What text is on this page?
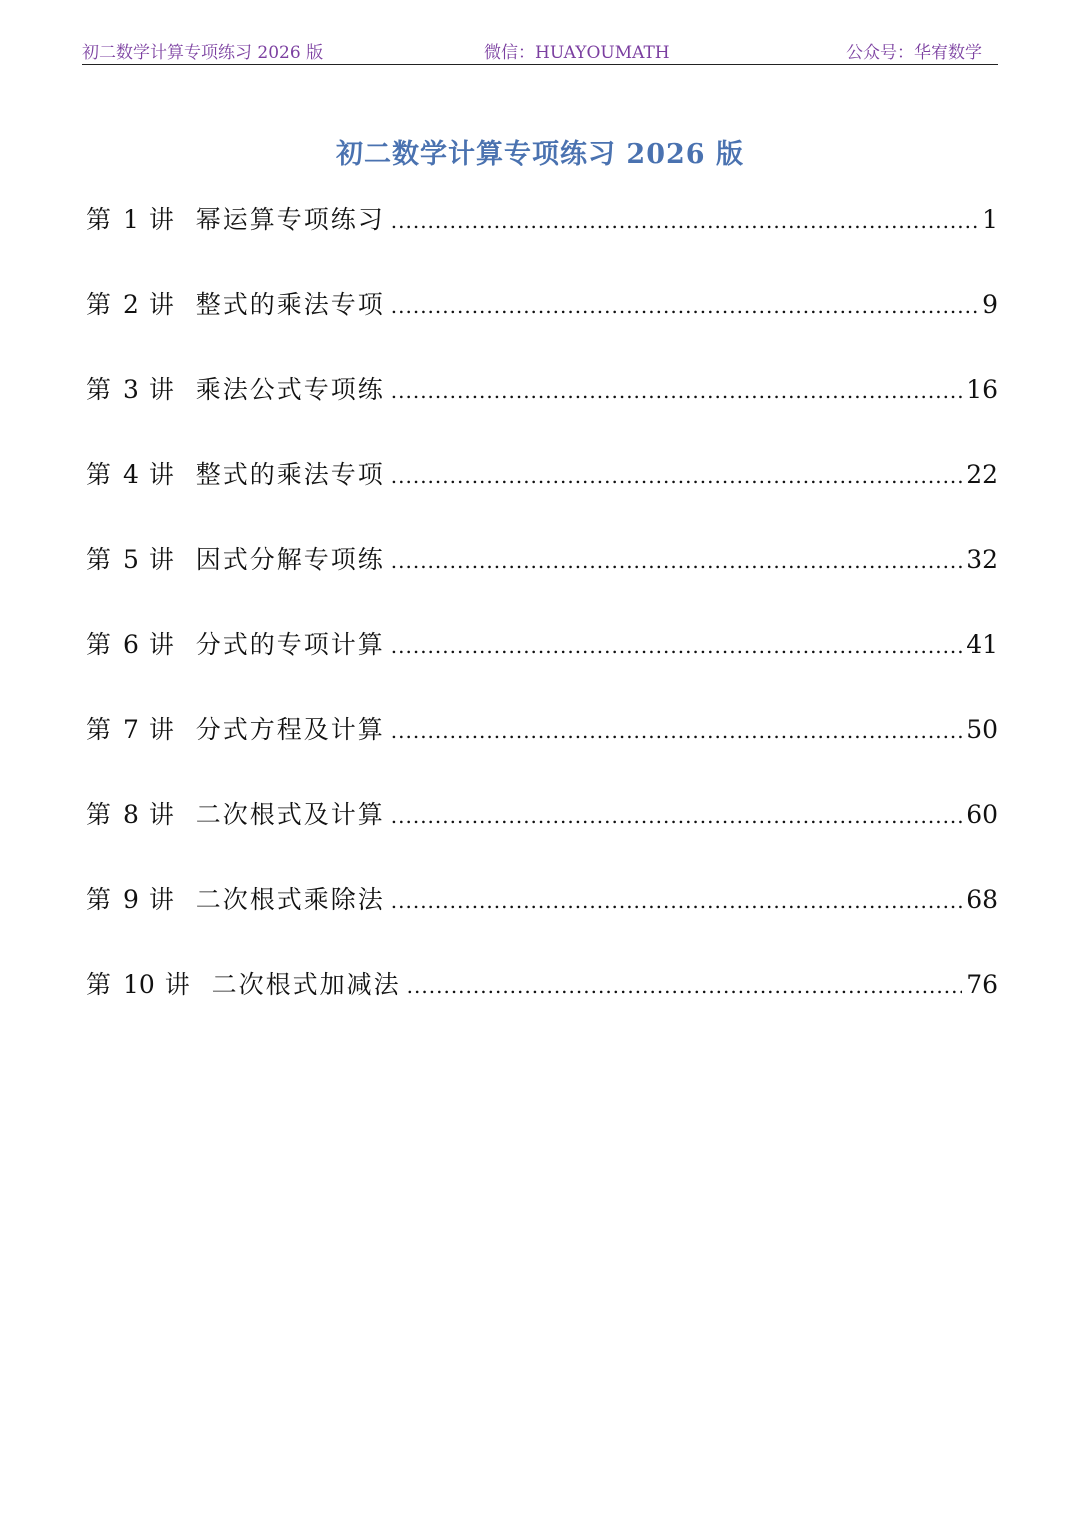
初二数学计算专项练习 2026 版	微信：HUAYOUMATH	公众号：华宥数学
初二数学计算专项练习 2026 版
第 1 讲 幂运算专项练习 .....	1
第 2 讲 整式的乘法专项 .....	9
第 3 讲 乘法公式专项练 .....	16
第 4 讲 整式的乘法专项 .....	22
第 5 讲 因式分解专项练 .....	32
第 6 讲 分式的专项计算 .....	41
第 7 讲 分式方程及计算 .....	50
第 8 讲 二次根式及计算 .....	60
第 9 讲 二次根式乘除法 .....	68
第 10 讲 二次根式加减法 .....	76
